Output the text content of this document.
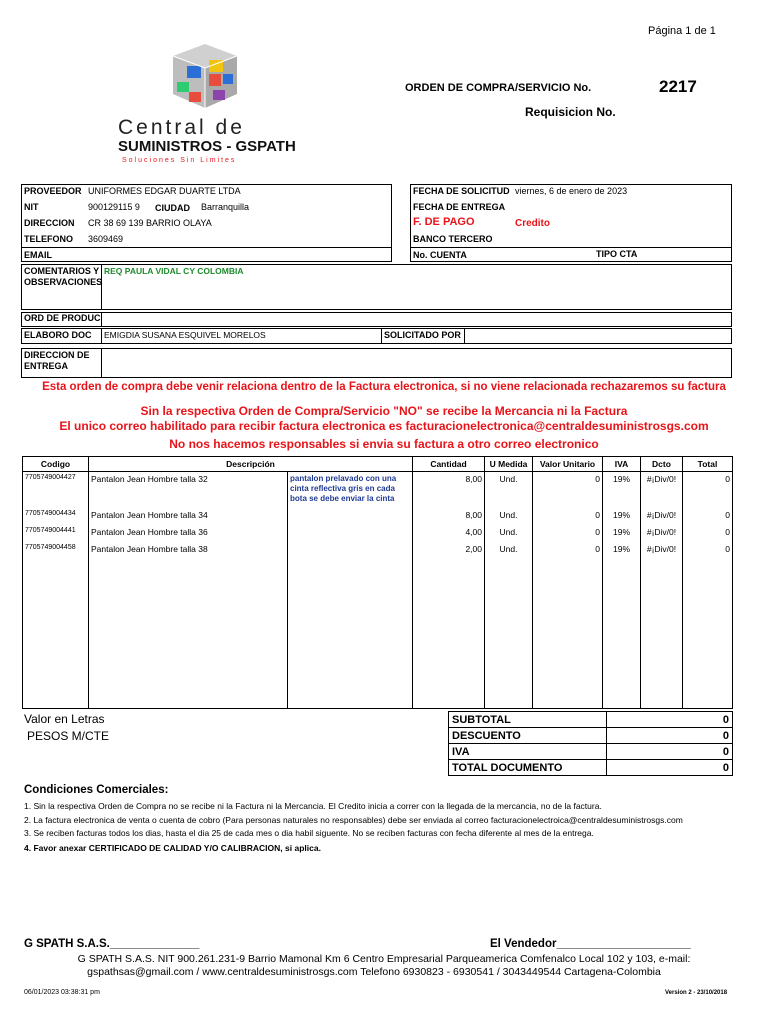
Página 1 de 1
Central de
SUMINISTROS - GSPATH
Soluciones Sin Limites
ORDEN DE COMPRA/SERVICIO No.	2217
Requisicion No.
PROVEEDOR UNIFORMES EDGAR DUARTE LTDA
NIT	900129115 9 CIUDAD Barranquilla
DIRECCION CR 38 69 139 BARRIO OLAYA
TELEFONO 3609469
EMAIL
FECHA DE SOLICITUD viernes, 6 de enero de 2023
FECHA DE ENTREGA
F. DE PAGO	Credito
BANCO TERCERO
No. CUENTA	TIPO CTA
COMENTARIOS Y OBSERVACIONES
REQ PAULA VIDAL CY COLOMBIA
ORD DE PRODUC
ELABORO DOC EMIGDIA SUSANA ESQUIVEL MORELOS	SOLICITADO POR
DIRECCION DE ENTREGA
Esta orden de compra debe venir relaciona dentro de la Factura electronica, si no viene relacionada rechazaremos su factura
Sin la respectiva Orden de Compra/Servicio "NO" se recibe la Mercancia ni la Factura
El unico correo habilitado para recibir factura electronica es facturacionelectronica@centraldesuministrosgs.com
No nos hacemos responsables si envia su factura a otro correo electronico
Codigo	Descripción		Cantidad	U Medida	Valor Unitario	IVA	Dcto	Total
7705749004427	Pantalon Jean Hombre talla 32	pantalon prelavado con una cinta reflectiva gris en cada bota se debe enviar la cinta	8,00	Und.	0	19%	#¡Div/0!	0

7705749004434	Pantalon Jean Hombre talla 34		8,00	Und.	0	19%	#¡Div/0!	0
7705749004441	Pantalon Jean Hombre talla 36		4,00	Und.	0	19%	#¡Div/0!	0
7705749004458	Pantalon Jean Hombre talla 38		2,00	Und.	0	19%	#¡Div/0!	0

Valor en Letras
PESOS M/CTE
SUBTOTAL	0
DESCUENTO	0
IVA	0
TOTAL DOCUMENTO	0
Condiciones Comerciales:
1. Sin la respectiva Orden de Compra no se recibe ni la Factura ni la Mercancia. El Credito inicia a correr con la llegada de la mercancia, no de la factura.
2. La factura electronica de venta o cuenta de cobro (Para personas naturales no responsables) debe ser enviada al correo facturacionelectroica@centraldesuministrosgs.com
3. Se reciben facturas todos los dias, hasta el dia 25 de cada mes o dia habil siguente. No se reciben facturas con fecha diferente al mes de la entrega.
4. Favor anexar CERTIFICADO DE CALIDAD Y/O CALIBRACION, si aplica.
G SPATH S.A.S.______________	El Vendedor_____________________
G SPATH S.A.S. NIT 900.261.231-9 Barrio Mamonal Km 6 Centro Empresarial Parqueamerica Comfenalco Local 102 y 103, e-mail:
gspathsas@gmail.com / www.centraldesuministrosgs.com Telefono 6930823 - 6930541 / 3043449544 Cartagena-Colombia
06/01/2023 03:38:31 pm	Version 2 - 23/10/2018
